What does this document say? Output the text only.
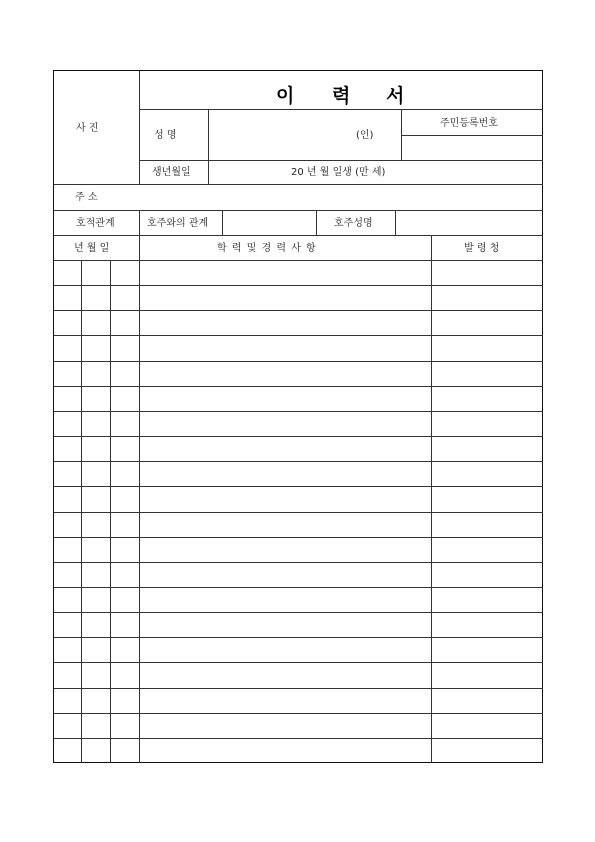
이 력 서
사 진
성 명	(인)
주민등록번호
생년월일	20 년 월 일생 (만 세)
주 소
호적관계	호주와의 관계	호주성명
년 월 일	학 력 및 경 력 사 항	발 령 청
